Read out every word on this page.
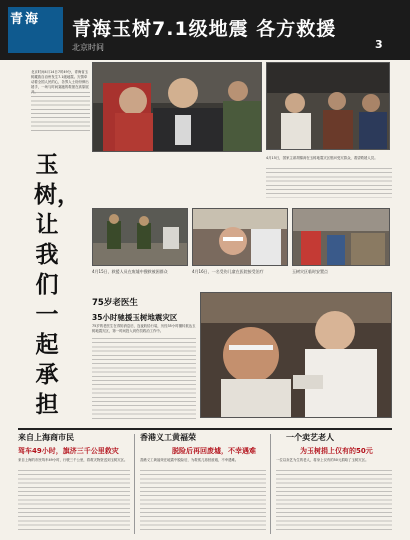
青海 青海玉树7.1级地震 各方救援
北京时间	3
北京时间4月14日7时49分，青海省玉树藏族自治州发生7.1级地震。灾情牵动着全国人民的心，各界人士纷纷伸出援手，一场与时间赛跑的救援在高原展开。
4月15日，国家主席胡锦涛在玉树地震灾区慰问受灾群众，看望救援人员。
玉树，让我们一起承担
4月15日，救援人员在废墟中搜救被困群众	4月16日，一名受伤儿童在医院接受治疗	玉树灾区临时安置点
75岁老医生
35小时驰援玉树地震灾区
75岁的老医生在得知消息后，连夜收拾行装，历经35小时辗转抵达玉树地震灾区，第一时间投入到伤员救治工作中。
来自上海商市民
驾车49小时，旗济三千公里救灾
来自上海的市民驾车49小时，行驶三千公里，将救灾物资送到玉树灾区。
香港义工黄福荣
脱险后再回废墟，不幸遇难
香港义工黄福荣在地震中脱险后，为救孤儿再回废墟，不幸遇难。
一个卖艺老人
为玉树捐上仅有的50元
一位以卖艺为生的老人，将身上仅有的50元捐给了玉树灾区。
